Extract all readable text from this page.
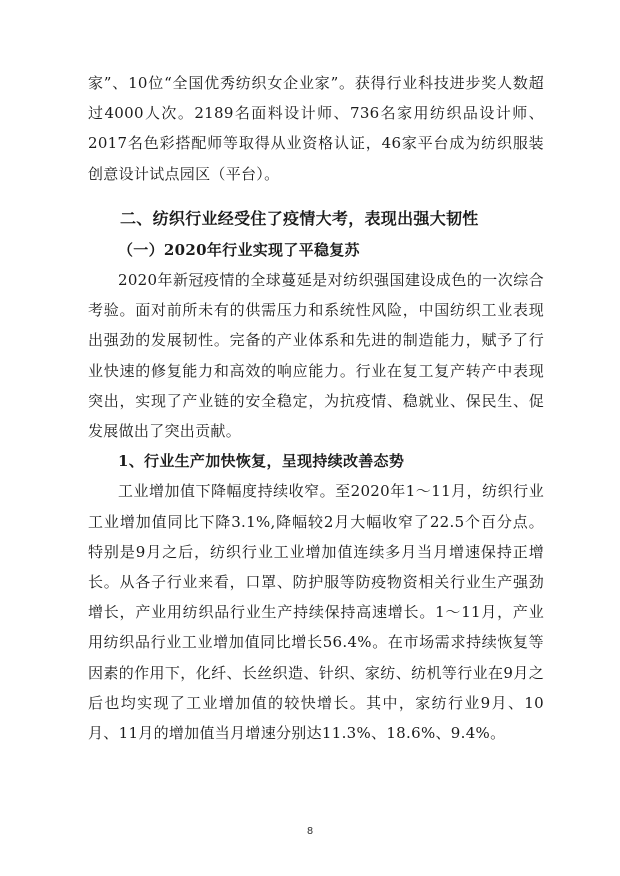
家”、10位“全国优秀纺织女企业家”。获得行业科技进步奖人数超过4000人次。2189名面料设计师、736名家用纺织品设计师、2017名色彩搭配师等取得从业资格认证，46家平台成为纺织服装创意设计试点园区（平台）。

二、纺织行业经受住了疫情大考，表现出强大韧性
（一）2020年行业实现了平稳复苏

2020年新冠疫情的全球蔓延是对纺织强国建设成色的一次综合考验。面对前所未有的供需压力和系统性风险，中国纺织工业表现出强劲的发展韧性。完备的产业体系和先进的制造能力，赋予了行业快速的修复能力和高效的响应能力。行业在复工复产转产中表现突出，实现了产业链的安全稳定，为抗疫情、稳就业、保民生、促发展做出了突出贡献。

1、行业生产加快恢复，呈现持续改善态势

工业增加值下降幅度持续收窄。至2020年1～11月，纺织行业工业增加值同比下降3.1%,降幅较2月大幅收窄了22.5个百分点。特别是9月之后，纺织行业工业增加值连续多月当月增速保持正增长。从各子行业来看，口罩、防护服等防疫物资相关行业生产强劲增长，产业用纺织品行业生产持续保持高速增长。1～11月，产业用纺织品行业工业增加值同比增长56.4%。在市场需求持续恢复等因素的作用下，化纤、长丝织造、针织、家纺、纺机等行业在9月之后也均实现了工业增加值的较快增长。其中，家纺行业9月、10月、11月的增加值当月增速分别达11.3%、18.6%、9.4%。

8
